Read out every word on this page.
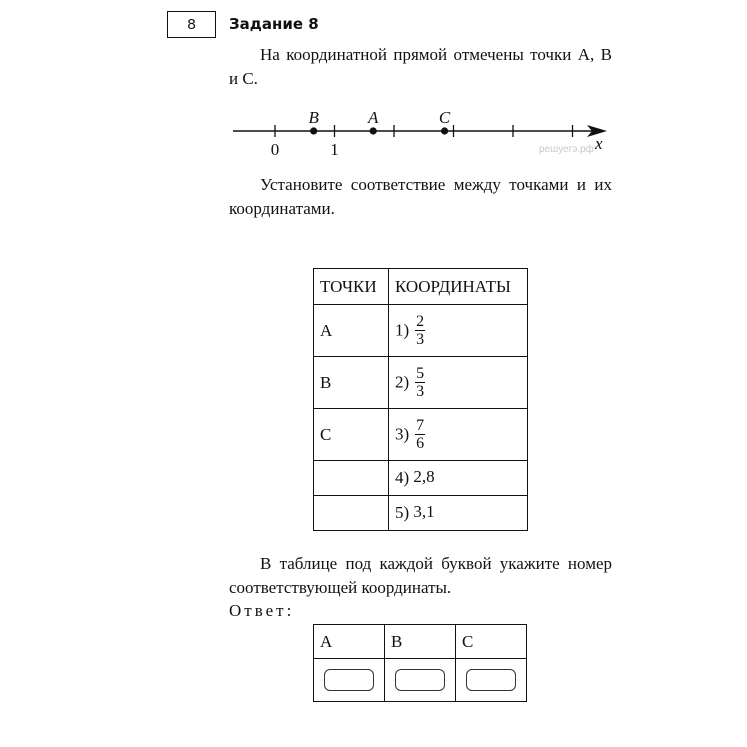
8	Задание 8
На координатной прямой отмечены точки A, B и C.
0	1
B	A	C
x
решуегэ.рф
Установите соответствие между точками и их координатами.
ТОЧКИ	КООРДИНАТЫ
A	$1) \frac{2}{3}$

B	$2) \frac{5}{3}$

C	$3) \frac{7}{6}$

	4) 2,8
	5) 3,1
В таблице под каждой буквой укажите номер соответствующей координаты.
Ответ:
A	B	C
